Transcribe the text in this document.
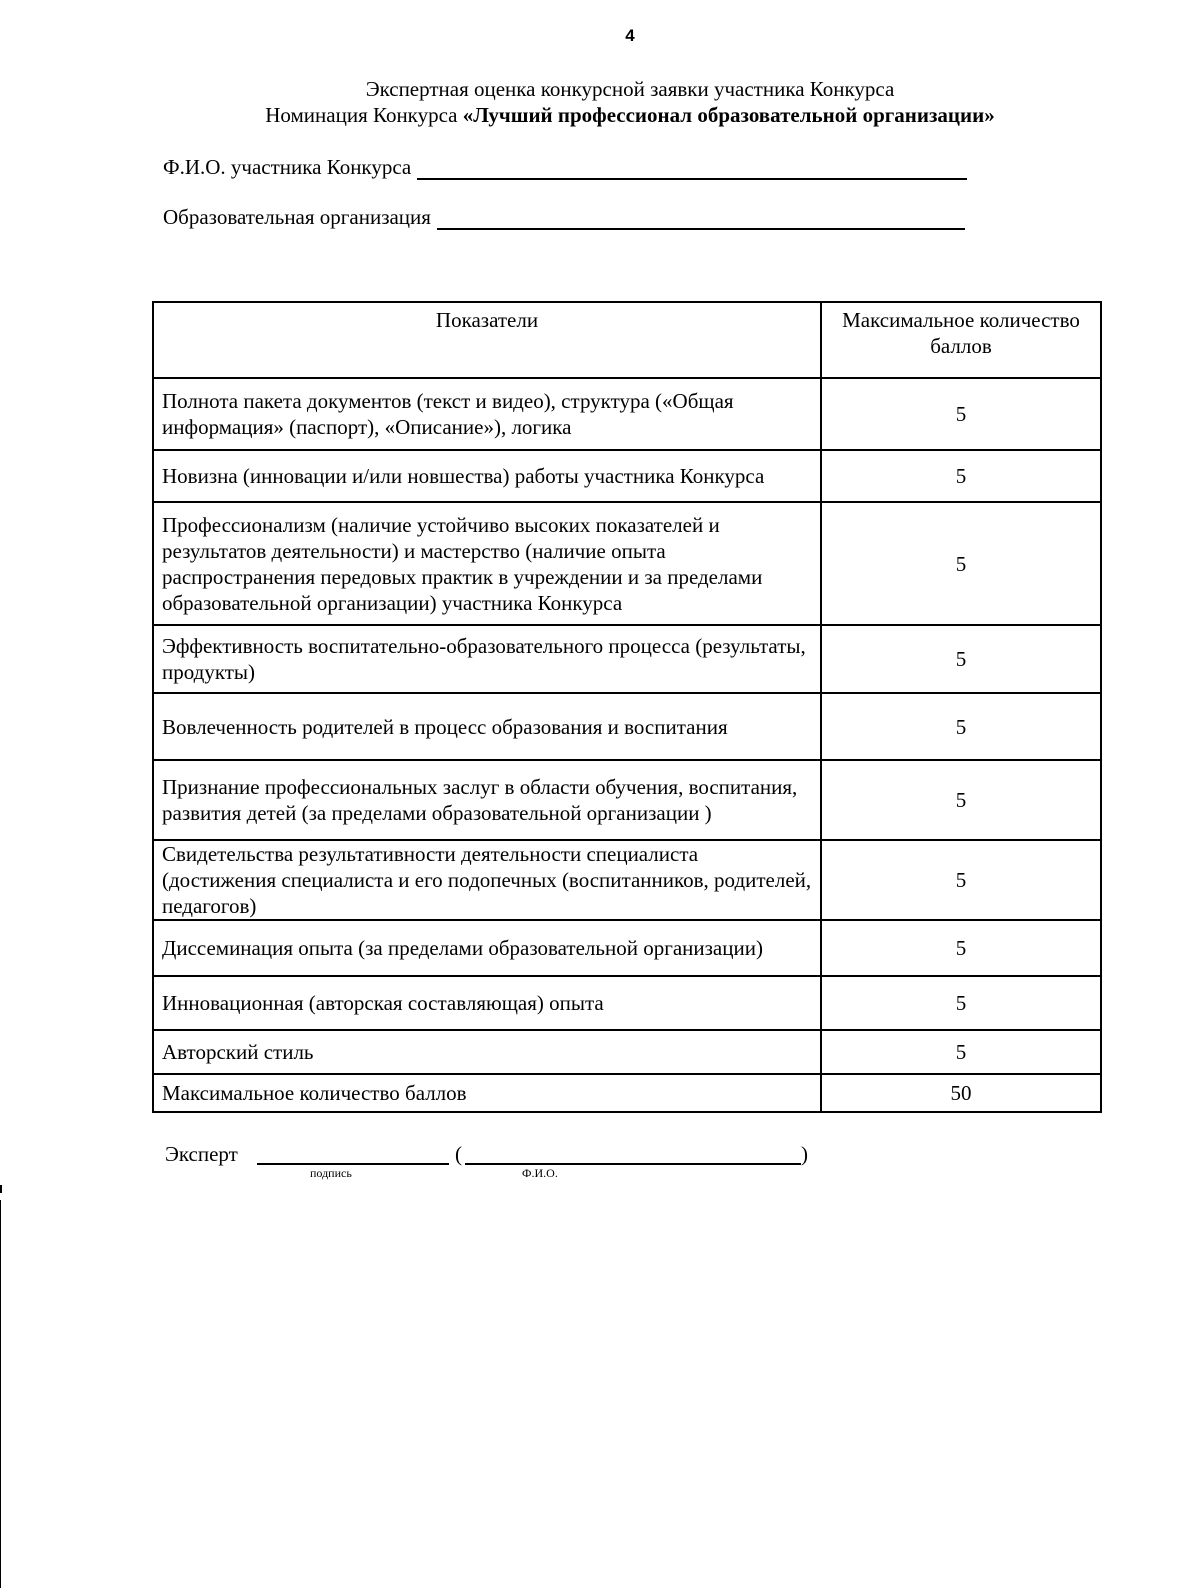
4
Экспертная оценка конкурсной заявки участника Конкурса
Номинация Конкурса «Лучший профессионал образовательной организации»
Ф.И.О. участника Конкурса
Образовательная организация
Показатели	Максимальное количество баллов
Полнота пакета документов (текст и видео), структура («Общая информация» (паспорт), «Описание»), логика	5
Новизна (инновации и/или новшества) работы участника Конкурса	5
Профессионализм (наличие устойчиво высоких показателей и результатов деятельности) и мастерство (наличие опыта распространения передовых практик в учреждении и за пределами образовательной организации) участника Конкурса	5
Эффективность воспитательно-образовательного процесса (результаты, продукты)	5
Вовлеченность родителей в процесс образования и воспитания	5
Признание профессиональных заслуг в области обучения, воспитания, развития детей (за пределами образовательной организации )	5
Свидетельства результативности деятельности специалиста (достижения специалиста и его подопечных (воспитанников, родителей, педагогов)	5
Диссеминация опыта (за пределами образовательной организации)	5
Инновационная (авторская составляющая) опыта	5
Авторский стиль	5
Максимальное количество баллов	50
Эксперт	(	)
подпись	Ф.И.О.
